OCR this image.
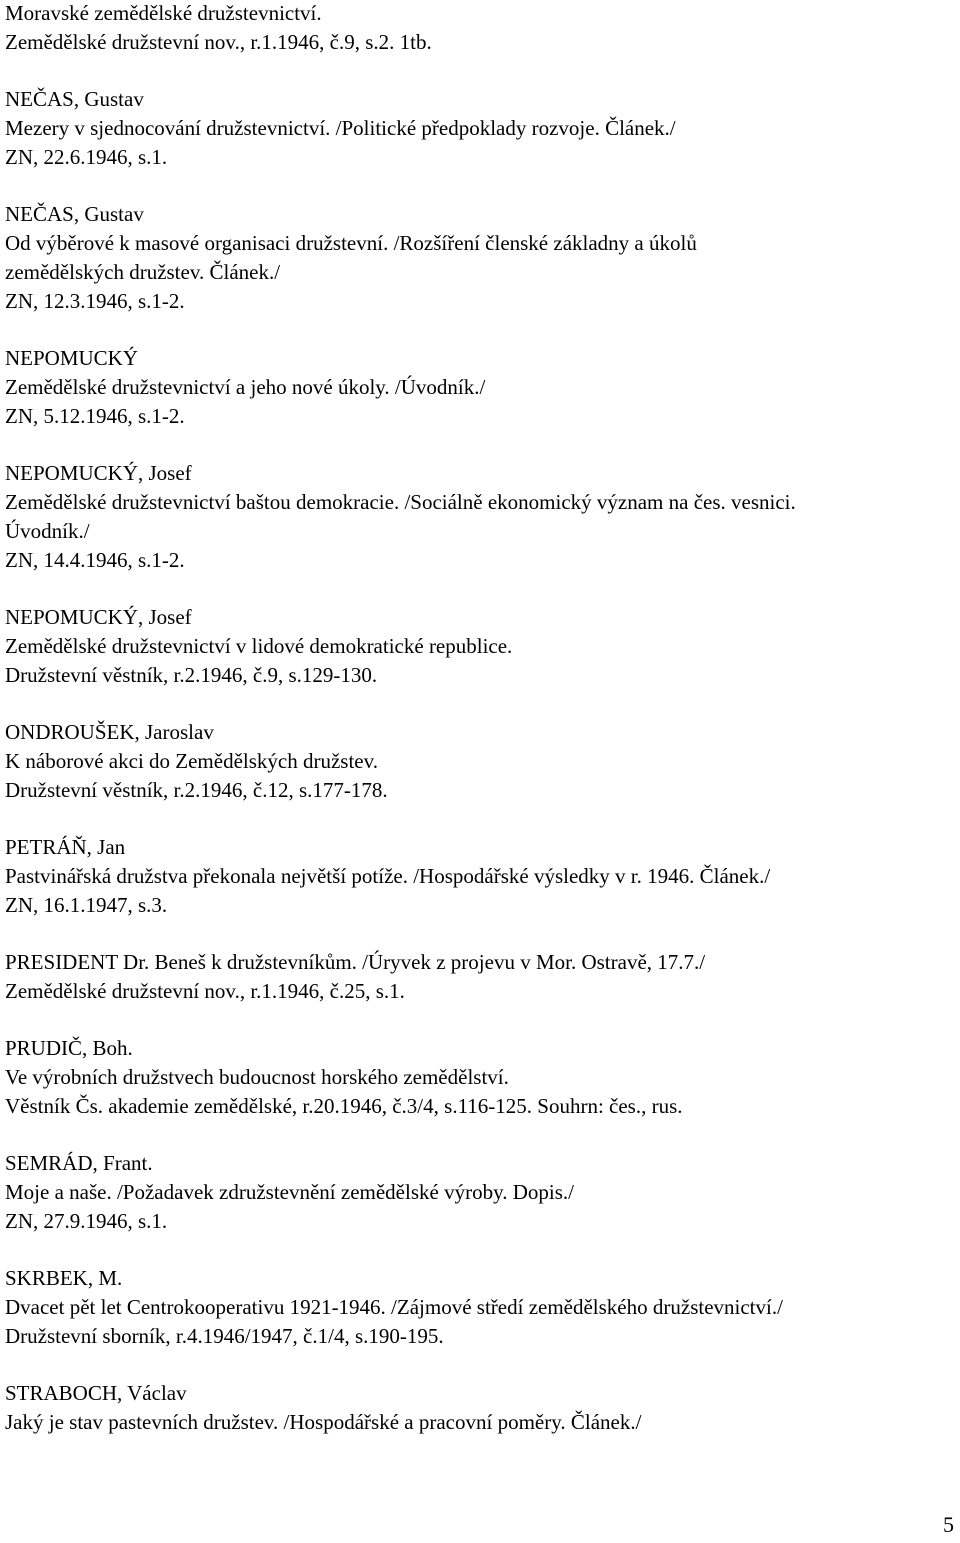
Moravské zemědělské družstevnictví.
Zemědělské družstevní nov., r.1.1946, č.9, s.2. 1tb.
NEČAS, Gustav
Mezery v sjednocování družstevnictví. /Politické předpoklady rozvoje. Článek./
ZN, 22.6.1946, s.1.
NEČAS, Gustav
Od výběrové k masové organisaci družstevní. /Rozšíření členské základny a úkolů
zemědělských družstev. Článek./
ZN, 12.3.1946, s.1-2.
NEPOMUCKÝ
Zemědělské družstevnictví a jeho nové úkoly. /Úvodník./
ZN, 5.12.1946, s.1-2.
NEPOMUCKÝ, Josef
Zemědělské družstevnictví baštou demokracie. /Sociálně ekonomický význam na čes. vesnici.
Úvodník./
ZN, 14.4.1946, s.1-2.
NEPOMUCKÝ, Josef
Zemědělské družstevnictví v lidové demokratické republice.
Družstevní věstník, r.2.1946, č.9, s.129-130.
ONDROUŠEK, Jaroslav
K náborové akci do Zemědělských družstev.
Družstevní věstník, r.2.1946, č.12, s.177-178.
PETRÁŇ, Jan
Pastvinářská družstva překonala největší potíže. /Hospodářské výsledky v r. 1946. Článek./
ZN, 16.1.1947, s.3.
PRESIDENT Dr. Beneš k družstevníkům. /Úryvek z projevu v Mor. Ostravě, 17.7./
Zemědělské družstevní nov., r.1.1946, č.25, s.1.
PRUDIČ, Boh.
Ve výrobních družstvech budoucnost horského zemědělství.
Věstník Čs. akademie zemědělské, r.20.1946, č.3/4, s.116-125. Souhrn: čes., rus.
SEMRÁD, Frant.
Moje a naše. /Požadavek združstevnění zemědělské výroby. Dopis./
ZN, 27.9.1946, s.1.
SKRBEK, M.
Dvacet pět let Centrokooperativu 1921-1946. /Zájmové středí zemědělského družstevnictví./
Družstevní sborník, r.4.1946/1947, č.1/4, s.190-195.
STRABOCH, Václav
Jaký je stav pastevních družstev. /Hospodářské a pracovní poměry. Článek./
5
